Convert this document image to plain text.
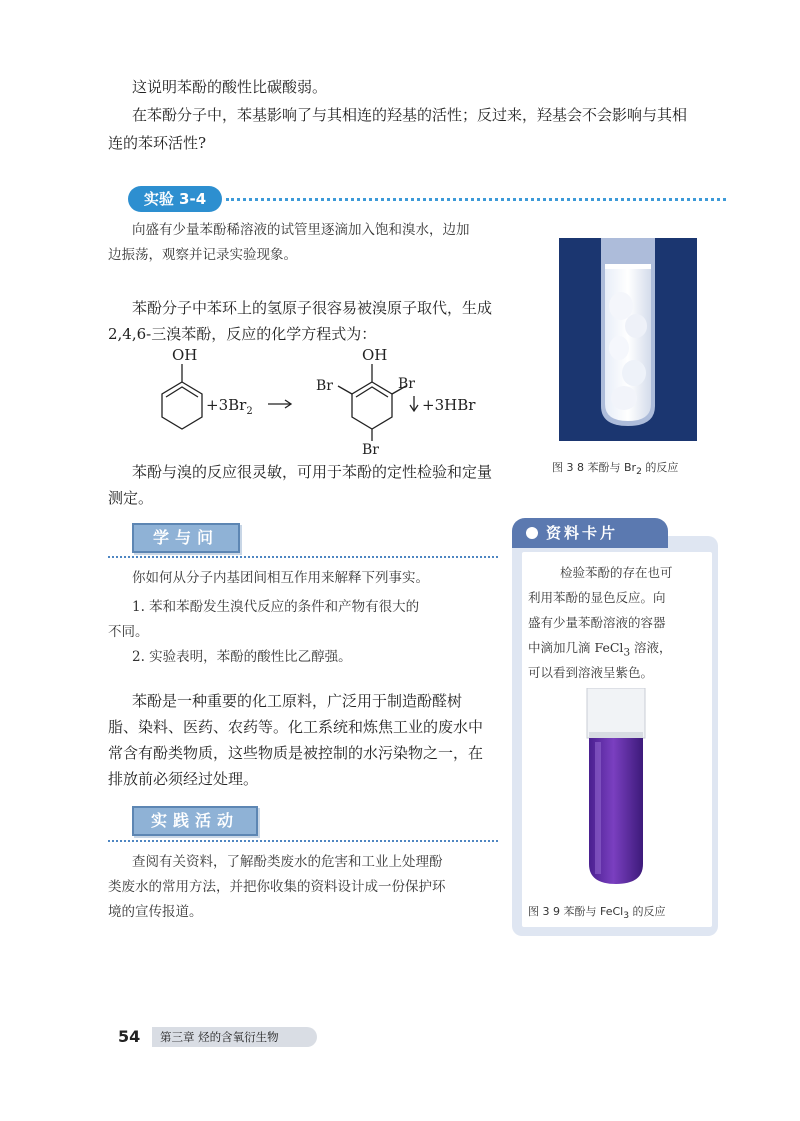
这说明苯酚的酸性比碳酸弱。

在苯酚分子中，苯基影响了与其相连的羟基的活性；反过来，羟基会不会影响与其相

连的苯环活性?

实验 3-4

向盛有少量苯酚稀溶液的试管里逐滴加入饱和溴水，边加

边振荡，观察并记录实验现象。

苯酚分子中苯环上的氢原子很容易被溴原子取代，生成

2,4,6-三溴苯酚，反应的化学方程式为：

OH
$+3Br_2$
OH
Br	Br
Br
+3HBr

苯酚与溴的反应很灵敏，可用于苯酚的定性检验和定量

测定。

图 3 8 苯酚与 $Br_2$ 的反应
学与问

你如何从分子内基团间相互作用来解释下列事实。

1. 苯和苯酚发生溴代反应的条件和产物有很大的

不同。

2. 实验表明，苯酚的酸性比乙醇强。

苯酚是一种重要的化工原料，广泛用于制造酚醛树

脂、染料、医药、农药等。化工系统和炼焦工业的废水中

常含有酚类物质，这些物质是被控制的水污染物之一，在

排放前必须经过处理。

实践活动

查阅有关资料，了解酚类废水的危害和工业上处理酚

类废水的常用方法，并把你收集的资料设计成一份保护环

境的宣传报道。

资料卡片

检验苯酚的存在也可

利用苯酚的显色反应。向

盛有少量苯酚溶液的容器

中滴加几滴 FeCl$_3$ 溶液，

可以看到溶液呈紫色。

图 3 9 苯酚与 FeCl$_3$ 的反应
54	第三章 烃的含氧衍生物
